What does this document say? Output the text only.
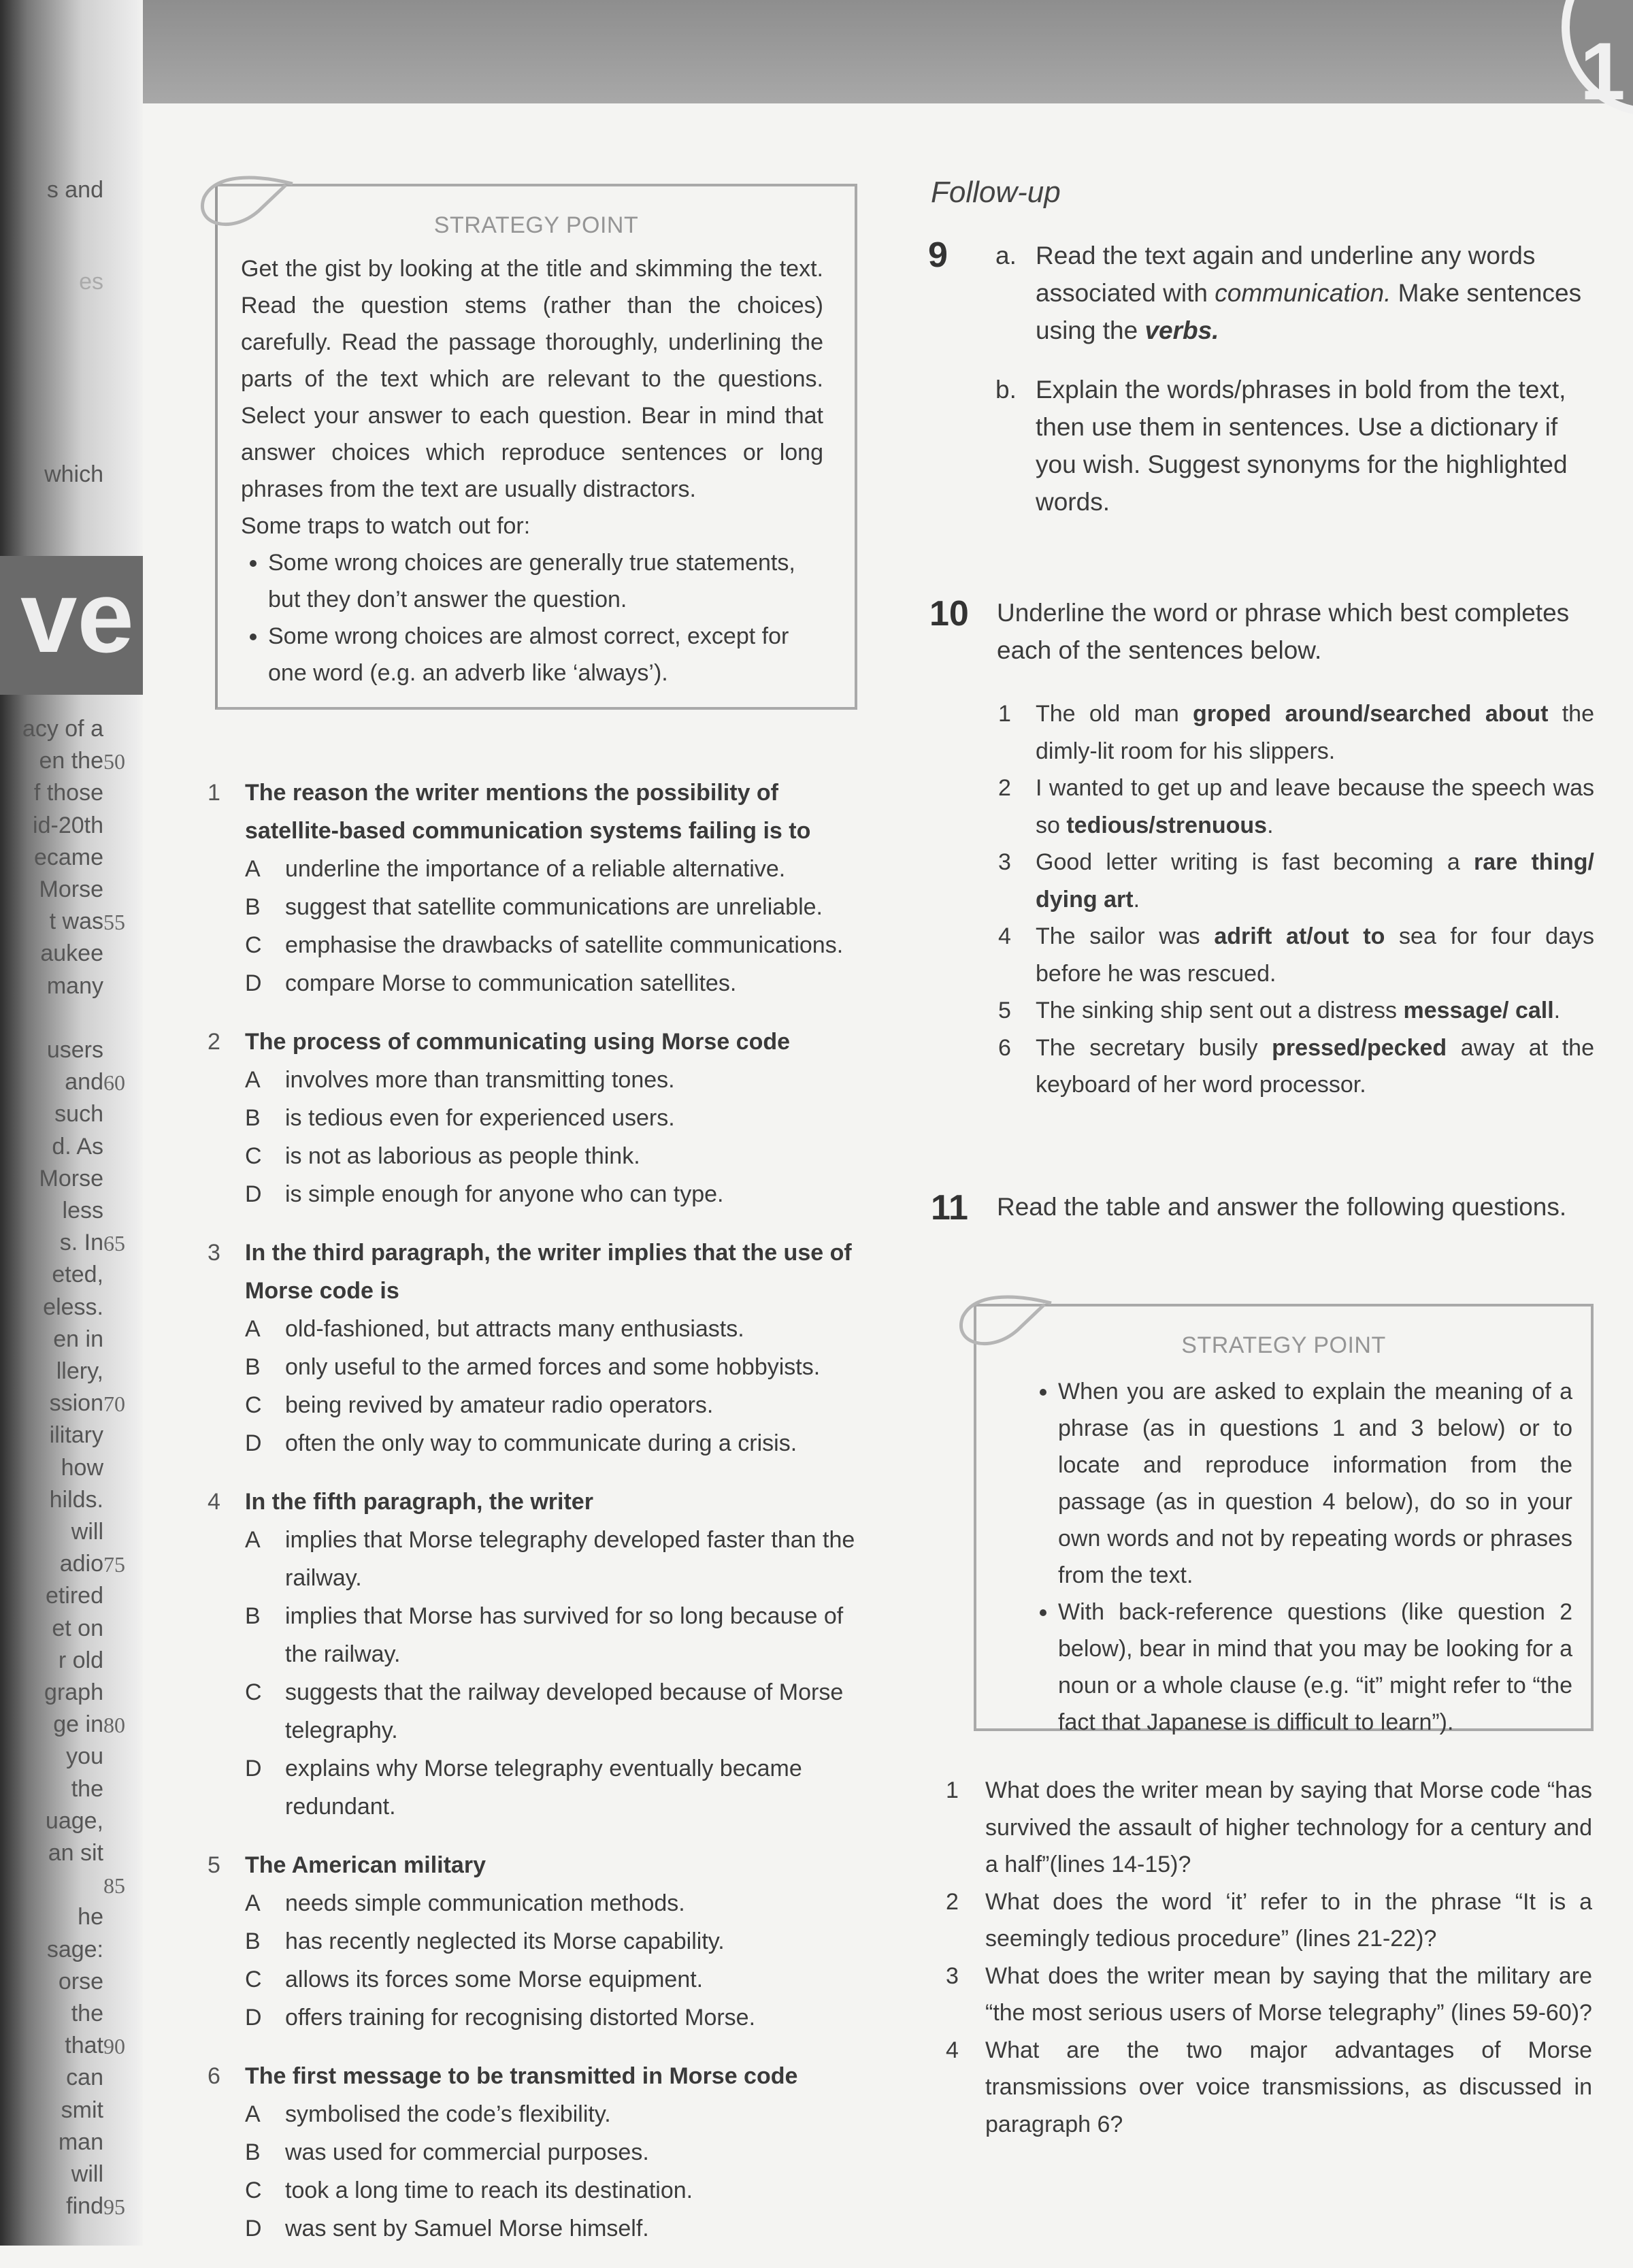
1
s and
es
which
ve
acy of a
en the 50
f those
id-20th
ecame
Morse
t was 55
aukee
many
users
and 60
such
d. As
Morse
less
s. In 65
eted,
eless.
en in
llery,
ssion 70
ilitary
how
hilds.
will
adio 75
etired
et on
r old
graph
ge in 80
you
the
uage,
an sit
85
he
sage:
orse
the
that 90
can
smit
man
will
find 95
STRATEGY POINT
Get the gist by looking at the title and skimming the text. Read the question stems (rather than the choices) carefully. Read the passage thoroughly, underlining the parts of the text which are relevant to the questions. Select your answer to each question. Bear in mind that answer choices which reproduce sentences or long phrases from the text are usually distractors.
Some traps to watch out for:
• Some wrong choices are generally true statements, but they don’t answer the question.
• Some wrong choices are almost correct, except for one word (e.g. an adverb like ‘always’).
1	The reason the writer mentions the possibility of satellite-based communication systems failing is to
A	underline the importance of a reliable alternative.
B	suggest that satellite communications are unreliable.
C	emphasise the drawbacks of satellite communications.
D	compare Morse to communication satellites.
2	The process of communicating using Morse code
A	involves more than transmitting tones.
B	is tedious even for experienced users.
C	is not as laborious as people think.
D	is simple enough for anyone who can type.
3	In the third paragraph, the writer implies that the use of Morse code is
A	old-fashioned, but attracts many enthusiasts.
B	only useful to the armed forces and some hobbyists.
C	being revived by amateur radio operators.
D	often the only way to communicate during a crisis.
4	In the fifth paragraph, the writer
A	implies that Morse telegraphy developed faster than the railway.
B	implies that Morse has survived for so long because of the railway.
C	suggests that the railway developed because of Morse telegraphy.
D	explains why Morse telegraphy eventually became redundant.
5	The American military
A	needs simple communication methods.
B	has recently neglected its Morse capability.
C	allows its forces some Morse equipment.
D	offers training for recognising distorted Morse.
6	The first message to be transmitted in Morse code
A	symbolised the code’s flexibility.
B	was used for commercial purposes.
C	took a long time to reach its destination.
D	was sent by Samuel Morse himself.
Follow-up
9 a. Read the text again and underline any words associated with communication. Make sentences using the verbs.
b. Explain the words/phrases in bold from the text, then use them in sentences. Use a dictionary if you wish. Suggest synonyms for the highlighted words.
10 Underline the word or phrase which best completes each of the sentences below.
1	The old man groped around/searched about the dimly-lit room for his slippers.
2	I wanted to get up and leave because the speech was so tedious/strenuous.
3	Good letter writing is fast becoming a rare thing/ dying art.
4	The sailor was adrift at/out to sea for four days before he was rescued.
5	The sinking ship sent out a distress message/ call.
6	The secretary busily pressed/pecked away at the keyboard of her word processor.
11 Read the table and answer the following questions.
STRATEGY POINT
• When you are asked to explain the meaning of a phrase (as in questions 1 and 3 below) or to locate and reproduce information from the passage (as in question 4 below), do so in your own words and not by repeating words or phrases from the text.
• With back-reference questions (like question 2 below), bear in mind that you may be looking for a noun or a whole clause (e.g. “it” might refer to “the fact that Japanese is difficult to learn”).
1	What does the writer mean by saying that Morse code “has survived the assault of higher technology for a century and a half”(lines 14-15)?
2	What does the word ‘it’ refer to in the phrase “It is a seemingly tedious procedure” (lines 21-22)?
3	What does the writer mean by saying that the military are “the most serious users of Morse telegraphy” (lines 59-60)?
4	What are the two major advantages of Morse transmissions over voice transmissions, as discussed in paragraph 6?
